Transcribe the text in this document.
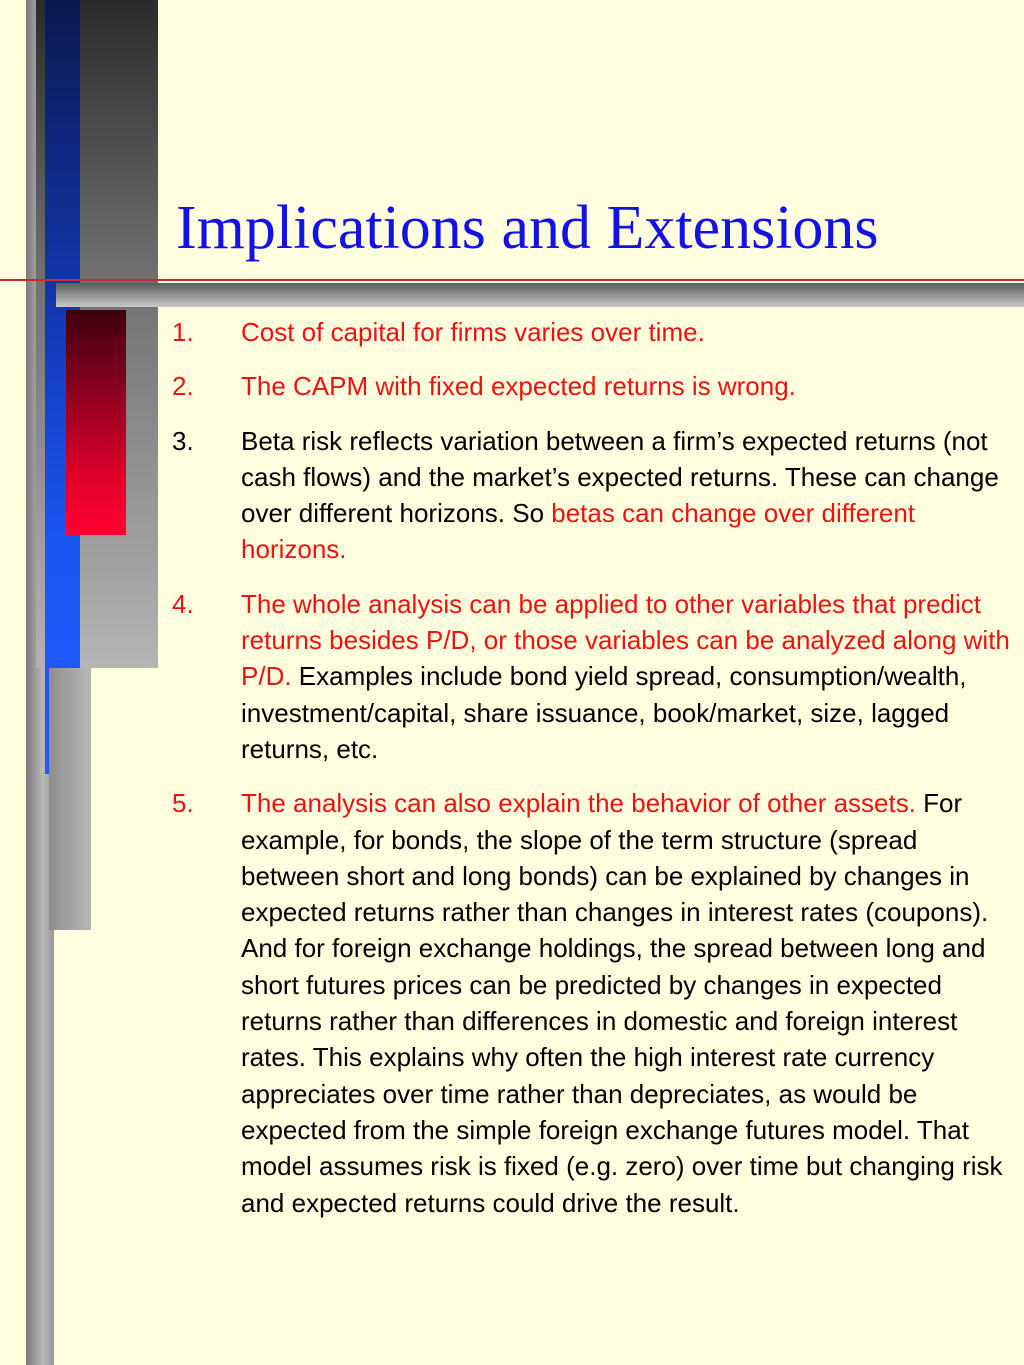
Implications and Extensions
1. Cost of capital for firms varies over time.
2. The CAPM with fixed expected returns is wrong.
3. Beta risk reflects variation between a firm’s expected returns (not cash flows) and the market’s expected returns. These can change over different horizons. So betas can change over different horizons.
4. The whole analysis can be applied to other variables that predict returns besides P/D, or those variables can be analyzed along with P/D. Examples include bond yield spread, consumption/wealth, investment/capital, share issuance, book/market, size, lagged returns, etc.
5. The analysis can also explain the behavior of other assets. For example, for bonds, the slope of the term structure (spread between short and long bonds) can be explained by changes in expected returns rather than changes in interest rates (coupons). And for foreign exchange holdings, the spread between long and short futures prices can be predicted by changes in expected returns rather than differences in domestic and foreign interest rates. This explains why often the high interest rate currency appreciates over time rather than depreciates, as would be expected from the simple foreign exchange futures model. That model assumes risk is fixed (e.g. zero) over time but changing risk and expected returns could drive the result.
